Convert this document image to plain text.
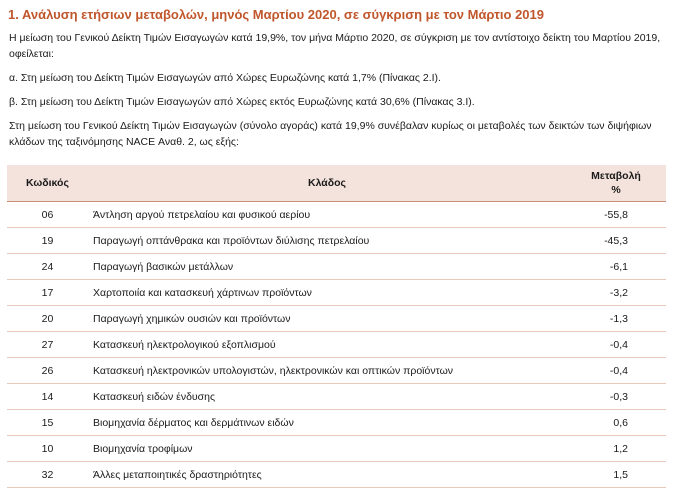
1. Ανάλυση ετήσιων μεταβολών, μηνός Μαρτίου 2020, σε σύγκριση με τον Μάρτιο 2019
Η μείωση του Γενικού Δείκτη Τιμών Εισαγωγών κατά 19,9%, τον μήνα Μάρτιο 2020, σε σύγκριση με τον αντίστοιχο δείκτη του Μαρτίου 2019, οφείλεται:
α. Στη μείωση του Δείκτη Τιμών Εισαγωγών από Χώρες Ευρωζώνης κατά 1,7% (Πίνακας 2.Ι).
β. Στη μείωση του Δείκτη Τιμών Εισαγωγών από Χώρες εκτός Ευρωζώνης κατά 30,6% (Πίνακας 3.Ι).
Στη μείωση του Γενικού Δείκτη Τιμών Εισαγωγών (σύνολο αγοράς) κατά 19,9% συνέβαλαν κυρίως οι μεταβολές των δεικτών των διψήφιων κλάδων της ταξινόμησης NACE Αναθ. 2, ως εξής:
Κωδικός	Κλάδος	Μεταβολή
%

06	Άντληση αργού πετρελαίου και φυσικού αερίου	-55,8
19	Παραγωγή οπτάνθρακα και προϊόντων διύλισης πετρελαίου	-45,3
24	Παραγωγή βασικών μετάλλων	-6,1
17	Χαρτοποιία και κατασκευή χάρτινων προϊόντων	-3,2
20	Παραγωγή χημικών ουσιών και προϊόντων	-1,3
27	Κατασκευή ηλεκτρολογικού εξοπλισμού	-0,4
26	Κατασκευή ηλεκτρονικών υπολογιστών, ηλεκτρονικών και οπτικών προϊόντων	-0,4
14	Κατασκευή ειδών ένδυσης	-0,3
15	Βιομηχανία δέρματος και δερμάτινων ειδών	0,6
10	Βιομηχανία τροφίμων	1,2
32	Άλλες μεταποιητικές δραστηριότητες	1,5
